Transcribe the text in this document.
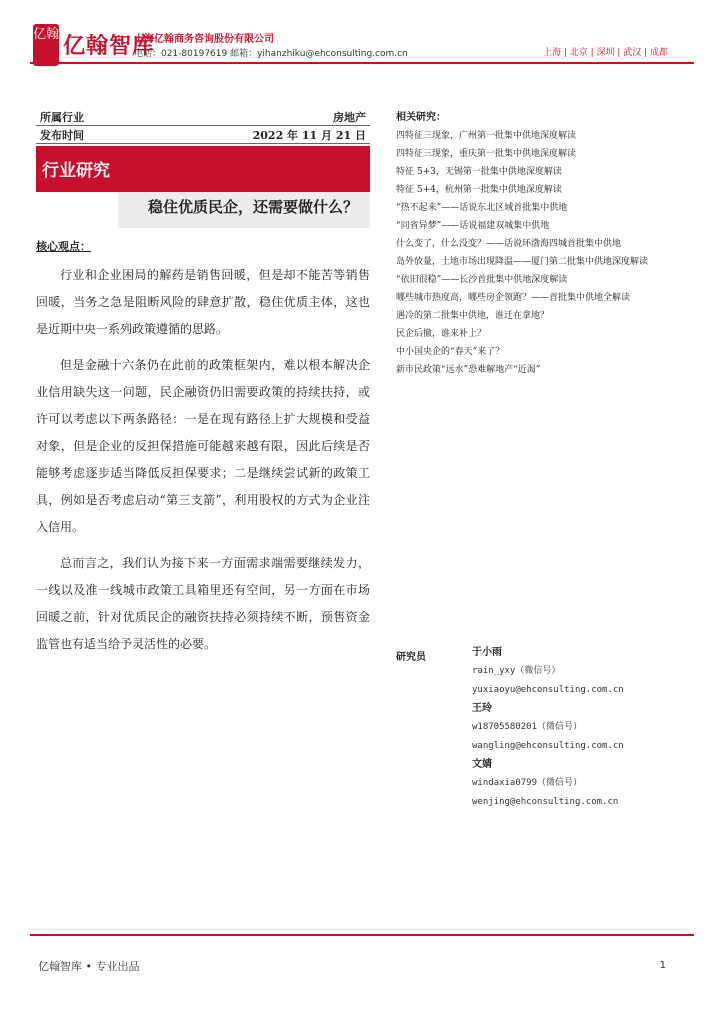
亿翰 亿翰智库
上海亿翰商务咨询股份有限公司
电话：021-80197619 邮箱：yihanzhiku@ehconsulting.com.cn	上海 | 北京 | 深圳 | 武汉 | 成都
所属行业	房地产
发布时间	2022 年 11 月 21 日
行业研究
稳住优质民企，还需要做什么？
核心观点：

行业和企业困局的解药是销售回暖，但是却不能苦等销售回暖，当务之急是阻断风险的肆意扩散，稳住优质主体，这也是近期中央一系列政策遵循的思路。

但是金融十六条仍在此前的政策框架内，难以根本解决企业信用缺失这一问题，民企融资仍旧需要政策的持续扶持，或许可以考虑以下两条路径：一是在现有路径上扩大规模和受益对象，但是企业的反担保措施可能越来越有限，因此后续是否能够考虑逐步适当降低反担保要求；二是继续尝试新的政策工具，例如是否考虑启动“第三支箭”，利用股权的方式为企业注入信用。

总而言之，我们认为接下来一方面需求端需要继续发力，一线以及准一线城市政策工具箱里还有空间，另一方面在市场回暖之前，针对优质民企的融资扶持必须持续不断，预售资金监管也有适当给予灵活性的必要。

相关研究：
四特征三现象，广州第一批集中供地深度解读
四特征三现象，重庆第一批集中供地深度解读
特征 5+3，无锡第一批集中供地深度解读
特征 5+4，杭州第一批集中供地深度解读
“热不起来”——话说东北区域首批集中供地
“同省异梦”——话说福建双城集中供地
什么变了，什么没变？——话说环渤海四城首批集中供地
岛外放量，土地市场出现降温——厦门第二批集中供地深度解读
“依旧很稳”——长沙首批集中供地深度解读
哪些城市热度高，哪些房企领跑？——首批集中供地全解读
遇冷的第二批集中供地，谁迁在拿地？
民企后撤，谁来补上？
中小国央企的“春天”来了？
新市民政策“远水”恐难解地产“近渴”
研究员	于小雨
rain_yxy（微信号）
yuxiaoyu@ehconsulting.com.cn
王玲
w18705580201（微信号）
wangling@ehconsulting.com.cn
文婧
windaxia0799（微信号）
wenjing@ehconsulting.com.cn
亿翰智库 • 专业出品	1
